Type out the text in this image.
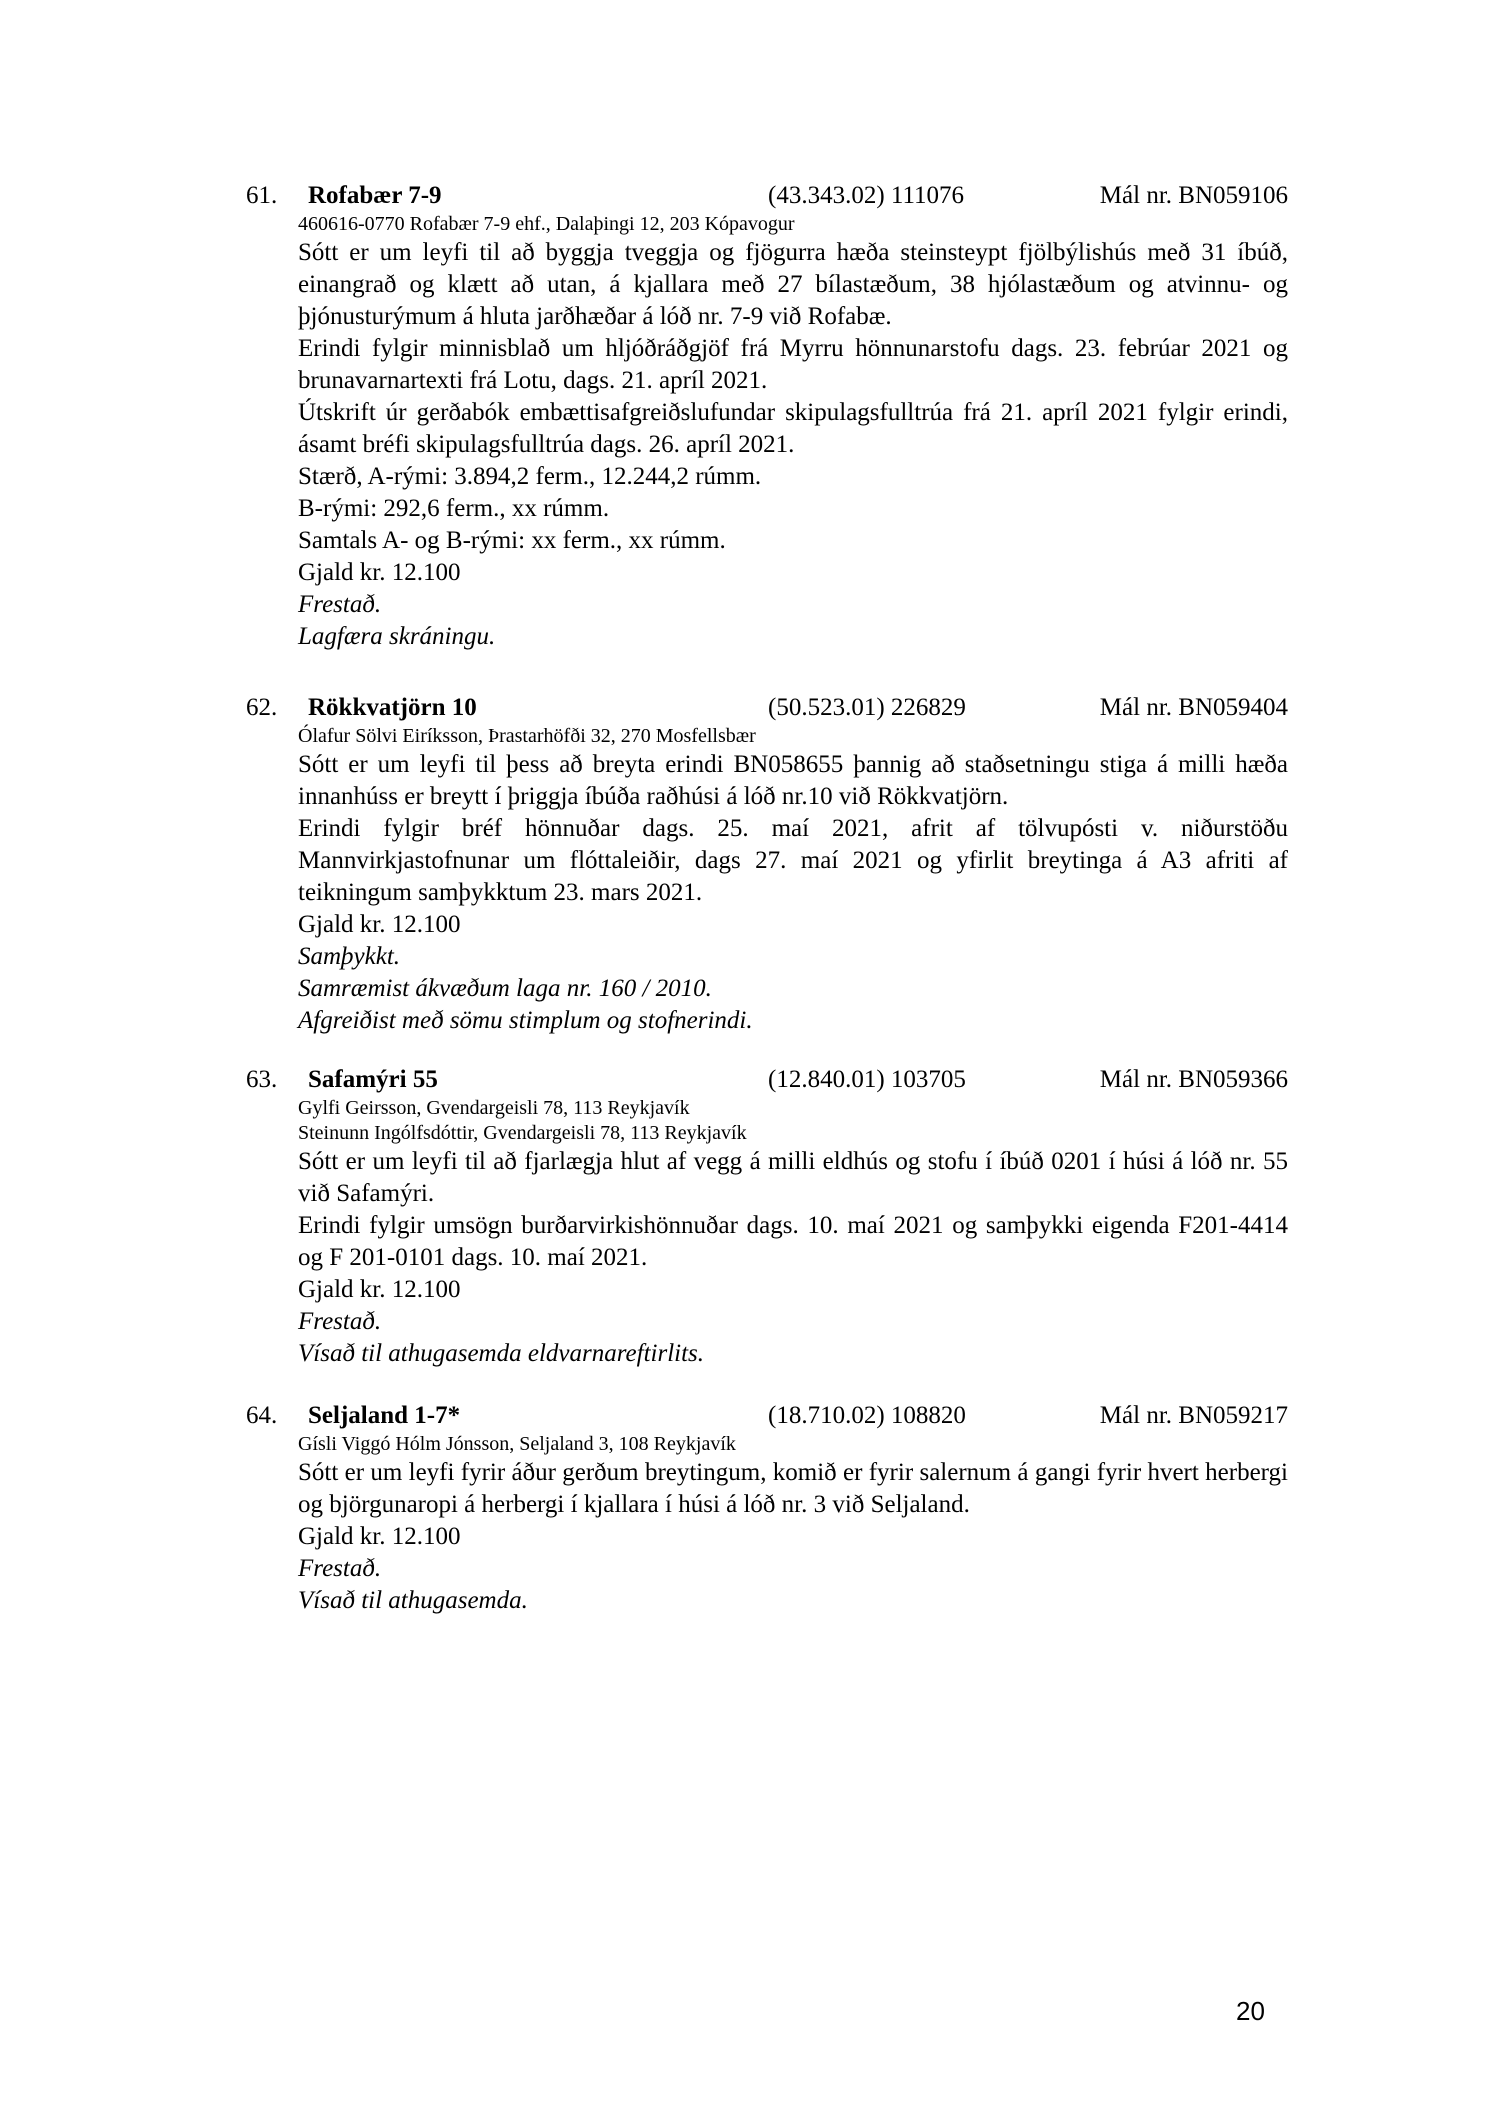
61. Rofabær 7-9	(43.343.02) 111076	Mál nr. BN059106
460616-0770 Rofabær 7-9 ehf., Dalaþingi 12, 203 Kópavogur
Sótt er um leyfi til að byggja tveggja og fjögurra hæða steinsteypt fjölbýlishús með 31 íbúð, einangrað og klætt að utan, á kjallara með 27 bílastæðum, 38 hjólastæðum og atvinnu- og þjónusturýmum á hluta jarðhæðar á lóð nr. 7-9 við Rofabæ.
Erindi fylgir minnisblað um hljóðráðgjöf frá Myrru hönnunarstofu dags. 23. febrúar 2021 og brunavarnartexti frá Lotu, dags. 21. apríl 2021.
Útskrift úr gerðabók embættisafgreiðslufundar skipulagsfulltrúa frá 21. apríl 2021 fylgir erindi, ásamt bréfi skipulagsfulltrúa dags. 26. apríl 2021.
Stærð, A-rými: 3.894,2 ferm., 12.244,2 rúmm.
B-rými: 292,6 ferm., xx rúmm.
Samtals A- og B-rými: xx ferm., xx rúmm.
Gjald kr. 12.100
Frestað.
Lagfæra skráningu.
62. Rökkvatjörn 10	(50.523.01) 226829	Mál nr. BN059404
Ólafur Sölvi Eiríksson, Þrastarhöfði 32, 270 Mosfellsbær
Sótt er um leyfi til þess að breyta erindi BN058655 þannig að staðsetningu stiga á milli hæða innanhúss er breytt í þriggja íbúða raðhúsi á lóð nr.10 við Rökkvatjörn.
Erindi fylgir bréf hönnuðar dags. 25. maí 2021, afrit af tölvupósti v. niðurstöðu Mannvirkjastofnunar um flóttaleiðir, dags 27. maí 2021 og yfirlit breytinga á A3 afriti af teikningum samþykktum 23. mars 2021.
Gjald kr. 12.100
Samþykkt.
Samræmist ákvæðum laga nr. 160 / 2010.
Afgreiðist með sömu stimplum og stofnerindi.
63. Safamýri 55	(12.840.01) 103705	Mál nr. BN059366
Gylfi Geirsson, Gvendargeisli 78, 113 Reykjavík
Steinunn Ingólfsdóttir, Gvendargeisli 78, 113 Reykjavík
Sótt er um leyfi til að fjarlægja hlut af vegg á milli eldhús og stofu í íbúð 0201 í húsi á lóð nr. 55 við Safamýri.
Erindi fylgir umsögn burðarvirkishönnuðar dags. 10. maí 2021 og samþykki eigenda F201-4414 og F 201-0101 dags. 10. maí 2021.
Gjald kr. 12.100
Frestað.
Vísað til athugasemda eldvarnareftirlits.
64. Seljaland 1-7*	(18.710.02) 108820	Mál nr. BN059217
Gísli Viggó Hólm Jónsson, Seljaland 3, 108 Reykjavík
Sótt er um leyfi fyrir áður gerðum breytingum, komið er fyrir salernum á gangi fyrir hvert herbergi og björgunaropi á herbergi í kjallara í húsi á lóð nr. 3 við Seljaland.
Gjald kr. 12.100
Frestað.
Vísað til athugasemda.
20
